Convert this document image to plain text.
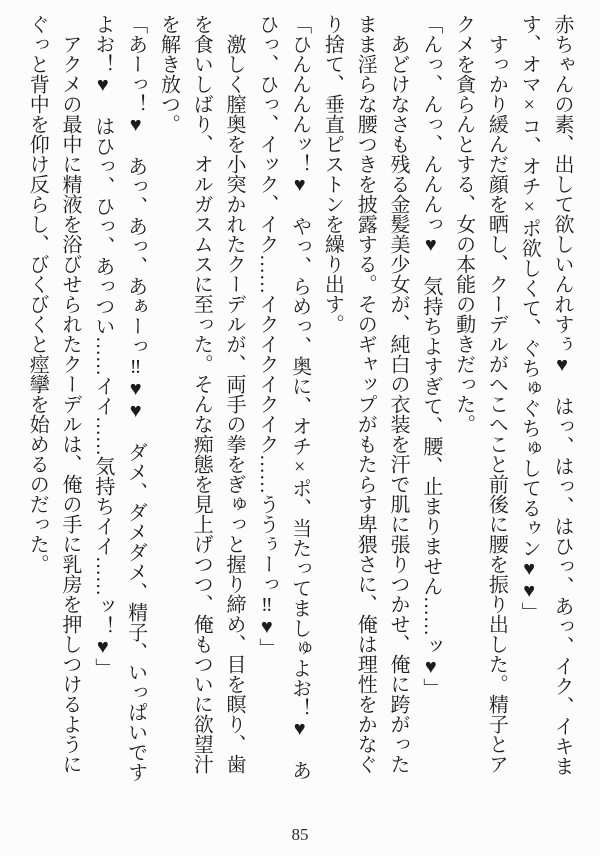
赤ちゃんの素、出して欲しいんれすぅ♥　はっ、はっ、はひっ、あっ、イク、イキま

す、オマ×コ、オチ×ポ欲しくて、ぐちゅぐちゅしてるゥン♥♥」

　すっかり緩んだ顔を晒し、クーデルがへこへこと前後に腰を振り出した。精子とア

クメを貪らんとする、女の本能の動きだった。

「んっ、んっ、んんんっ♥　気持ちよすぎて、腰、止まりません……ッ♥」

　あどけなさも残る金髪美少女が、純白の衣装を汗で肌に張りつかせ、俺に跨がった

まま淫らな腰つきを披露する。そのギャップがもたらす卑猥さに、俺は理性をかなぐ

り捨て、垂直ピストンを繰り出す。

「ひんんんんッ！♥　やっ、らめっ、奥に、オチ×ポ、当たってましゅよお！♥　あ

ひっ、ひっ、イック、イク……イクイクイクイク……ううぅーっ‼♥」

　激しく膣奥を小突かれたクーデルが、両手の拳をぎゅっと握り締め、目を瞑り、歯

を食いしばり、オルガスムスに至った。そんな痴態を見上げつつ、俺もついに欲望汁

を解き放つ。

「あーっ！♥　あっ、あっ、あぁーっ‼♥♥　ダメ、ダメダメ、精子、いっぱいです

よお！♥　はひっ、ひっ、あっつい……イイ……気持ちイイ……ッ！♥」

　アクメの最中に精液を浴びせられたクーデルは、俺の手に乳房を押しつけるように

ぐっと背中を仰け反らし、びくびくと痙攣を始めるのだった。

85
